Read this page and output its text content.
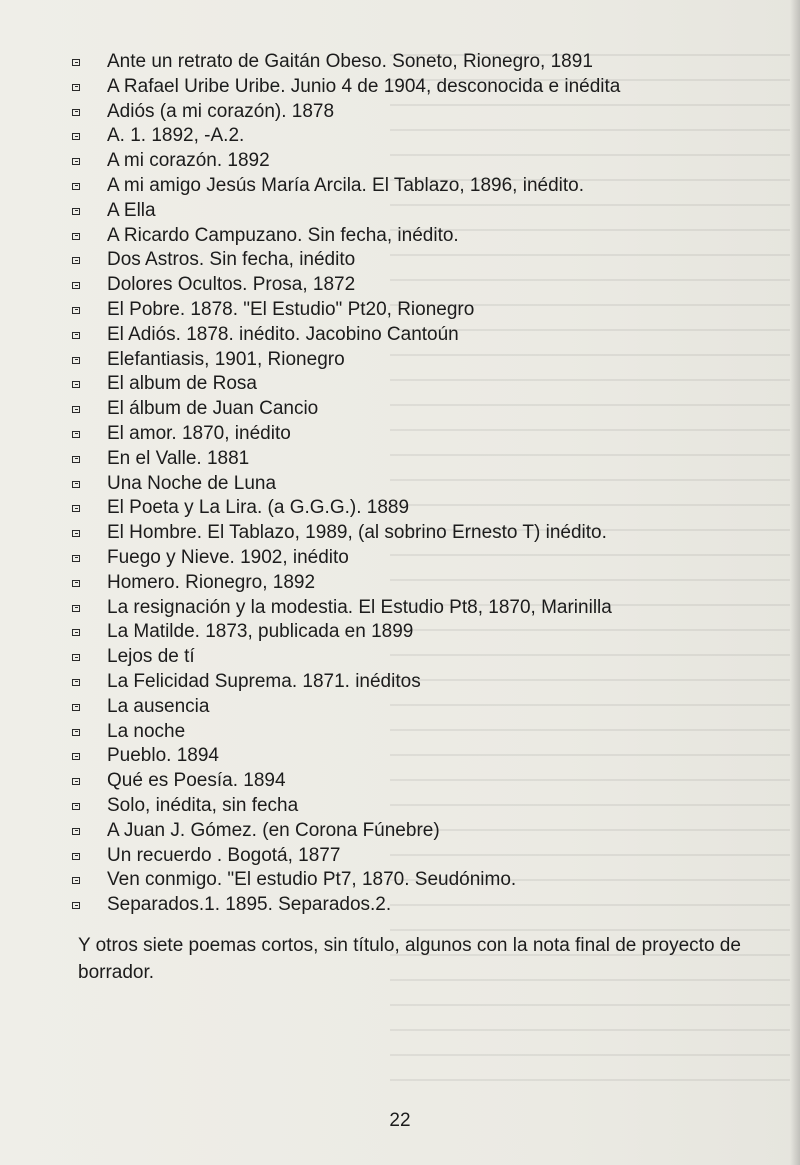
Ante un retrato de Gaitán Obeso. Soneto, Rionegro, 1891
A Rafael Uribe Uribe. Junio 4 de 1904, desconocida e inédita
Adiós (a mi corazón). 1878
A. 1. 1892, -A.2.
A mi corazón. 1892
A mi amigo Jesús María Arcila. El Tablazo, 1896, inédito.
A Ella
A Ricardo Campuzano. Sin fecha, inédito.
Dos Astros. Sin fecha, inédito
Dolores Ocultos. Prosa, 1872
El Pobre. 1878. "El Estudio" Pt20, Rionegro
El Adiós. 1878. inédito. Jacobino Cantoún
Elefantiasis, 1901, Rionegro
El album de Rosa
El álbum de Juan Cancio
El amor. 1870, inédito
En el Valle. 1881
Una Noche de Luna
El Poeta y La Lira. (a G.G.G.). 1889
El Hombre. El Tablazo, 1989, (al sobrino Ernesto T) inédito.
Fuego y Nieve. 1902, inédito
Homero. Rionegro, 1892
La resignación y la modestia. El Estudio Pt8, 1870, Marinilla
La Matilde. 1873, publicada en 1899
Lejos de tí
La Felicidad Suprema. 1871. inéditos
La ausencia
La noche
Pueblo. 1894
Qué es Poesía. 1894
Solo, inédita, sin fecha
A Juan J. Gómez. (en Corona Fúnebre)
Un recuerdo . Bogotá, 1877
Ven conmigo. "El estudio Pt7, 1870. Seudónimo.
Separados.1. 1895. Separados.2.
Y otros siete poemas cortos, sin título, algunos con la nota final de proyecto de borrador.
22
